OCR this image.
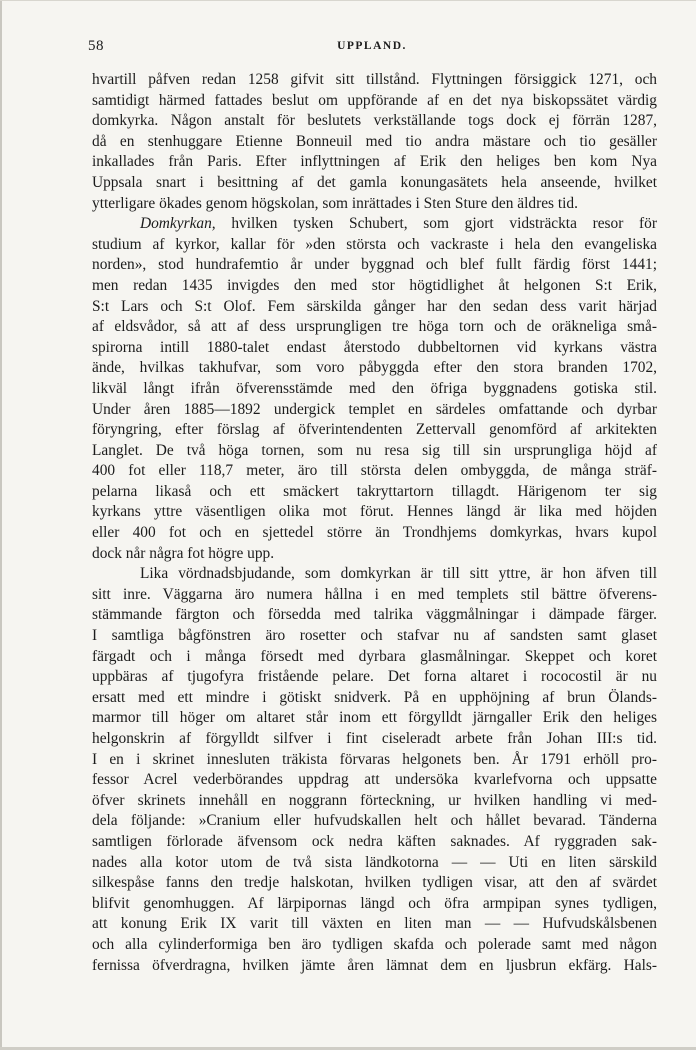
58	UPPLAND.
hvartill påfven redan 1258 gifvit sitt tillstånd. Flyttningen försiggick 1271, och
samtidigt härmed fattades beslut om uppförande af en det nya biskopssätet värdig
domkyrka. Någon anstalt för beslutets verkställande togs dock ej förrän 1287,
då en stenhuggare Etienne Bonneuil med tio andra mästare och tio gesäller
inkallades från Paris. Efter inflyttningen af Erik den heliges ben kom Nya
Uppsala snart i besittning af det gamla konungasätets hela anseende, hvilket
ytterligare ökades genom högskolan, som inrättades i Sten Sture den äldres tid.
Domkyrkan, hvilken tysken Schubert, som gjort vidsträckta resor för
studium af kyrkor, kallar för »den största och vackraste i hela den evangeliska
norden», stod hundrafemtio år under byggnad och blef fullt färdig först 1441;
men redan 1435 invigdes den med stor högtidlighet åt helgonen S:t Erik,
S:t Lars och S:t Olof. Fem särskilda gånger har den sedan dess varit härjad
af eldsvådor, så att af dess ursprungligen tre höga torn och de oräkneliga små-
spirorna intill 1880-talet endast återstodo dubbeltornen vid kyrkans västra
ände, hvilkas takhufvar, som voro påbyggda efter den stora branden 1702,
likväl långt ifrån öfverensstämde med den öfriga byggnadens gotiska stil.
Under åren 1885—1892 undergick templet en särdeles omfattande och dyrbar
föryngring, efter förslag af öfverintendenten Zettervall genomförd af arkitekten
Langlet. De två höga tornen, som nu resa sig till sin ursprungliga höjd af
400 fot eller 118,7 meter, äro till största delen ombyggda, de många sträf-
pelarna likaså och ett smäckert takryttartorn tillagdt. Härigenom ter sig
kyrkans yttre väsentligen olika mot förut. Hennes längd är lika med höjden
eller 400 fot och en sjettedel större än Trondhjems domkyrkas, hvars kupol
dock når några fot högre upp.
Lika vördnadsbjudande, som domkyrkan är till sitt yttre, är hon äfven till
sitt inre. Väggarna äro numera hållna i en med templets stil bättre öfverens-
stämmande färgton och försedda med talrika väggmålningar i dämpade färger.
I samtliga bågfönstren äro rosetter och stafvar nu af sandsten samt glaset
färgadt och i många försedt med dyrbara glasmålningar. Skeppet och koret
uppbäras af tjugofyra fristående pelare. Det forna altaret i rococostil är nu
ersatt med ett mindre i götiskt snidverk. På en upphöjning af brun Ölands-
marmor till höger om altaret står inom ett förgylldt järngaller Erik den heliges
helgonskrin af förgylldt silfver i fint ciseleradt arbete från Johan III:s tid.
I en i skrinet innesluten träkista förvaras helgonets ben. År 1791 erhöll pro-
fessor Acrel vederbörandes uppdrag att undersöka kvarlefvorna och uppsatte
öfver skrinets innehåll en noggrann förteckning, ur hvilken handling vi med-
dela följande: »Cranium eller hufvudskallen helt och hållet bevarad. Tänderna
samtligen förlorade äfvensom ock nedra käften saknades. Af ryggraden sak-
nades alla kotor utom de två sista ländkotorna — — Uti en liten särskild
silkespåse fanns den tredje halskotan, hvilken tydligen visar, att den af svärdet
blifvit genomhuggen. Af lärpipornas längd och öfra armpipan synes tydligen,
att konung Erik IX varit till växten en liten man — — Hufvudskålsbenen
och alla cylinderformiga ben äro tydligen skafda och polerade samt med någon
fernissa öfverdragna, hvilken jämte åren lämnat dem en ljusbrun ekfärg. Hals-
